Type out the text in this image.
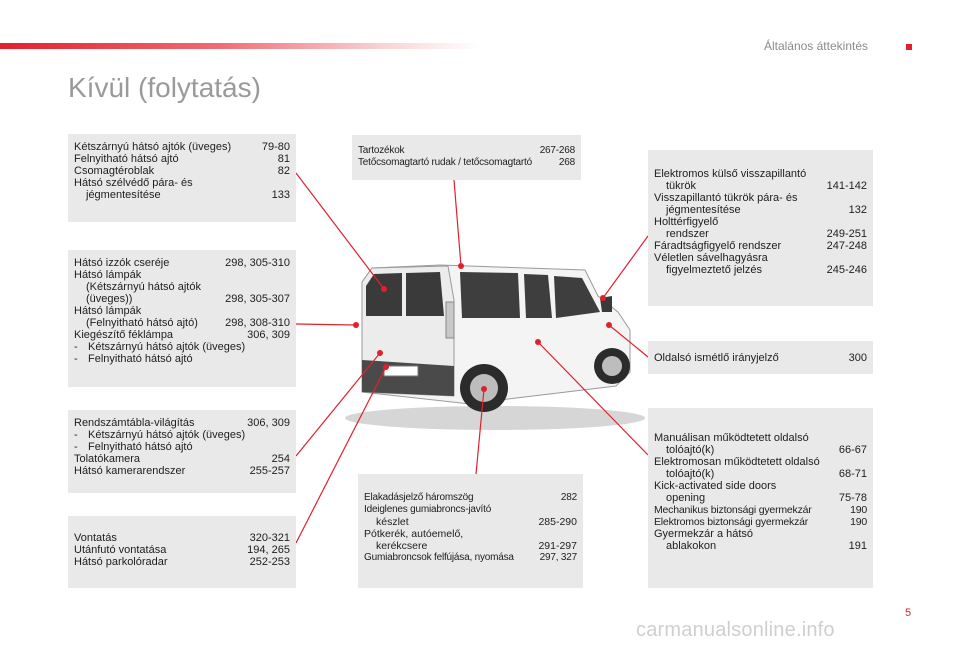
Általános áttekintés
Kívül (folytatás)
Kétszárnyú hátsó ajtók (üveges)	79-80
Felnyitható hátsó ajtó	81
Csomagtéroblak	82
Hátsó szélvédő pára- és
jégmentesítése	133
Hátsó izzók cseréje	298, 305-310
Hátsó lámpák
(Kétszárnyú hátsó ajtók
(üveges))	298, 305-307
Hátsó lámpák
(Felnyitható hátsó ajtó)	298, 308-310
Kiegészítő féklámpa	306, 309
- Kétszárnyú hátsó ajtók (üveges)
- Felnyitható hátsó ajtó
Rendszámtábla-világítás	306, 309
- Kétszárnyú hátsó ajtók (üveges)
- Felnyitható hátsó ajtó
Tolatókamera	254
Hátsó kamerarendszer	255-257
Vontatás	320-321
Utánfutó vontatása	194, 265
Hátsó parkolóradar	252-253
Tartozékok	267-268
Tetőcsomagtartó rudak / tetőcsomagtartó	268
Elakadásjelző háromszög	282
Ideiglenes gumiabroncs-javító
készlet	285-290
Pótkerék, autóemelő,
kerékcsere	291-297
Gumiabroncsok felfújása, nyomása	297, 327
Elektromos külső visszapillantó
tükrök	141-142
Visszapillantó tükrök pára- és
jégmentesítése	132
Holttérfigyelő
rendszer	249-251
Fáradtságfigyelő rendszer	247-248
Véletlen sávelhagyásra
figyelmeztető jelzés	245-246
Oldalsó ismétlő irányjelző	300
Manuálisan működtetett oldalsó
tolóajtó(k)	66-67
Elektromosan működtetett oldalsó
tolóajtó(k)	68-71
Kick-activated side doors
opening	75-78
Mechanikus biztonsági gyermekzár	190
Elektromos biztonsági gyermekzár	190
Gyermekzár a hátsó
ablakokon	191
5
carmanualsonline.info
